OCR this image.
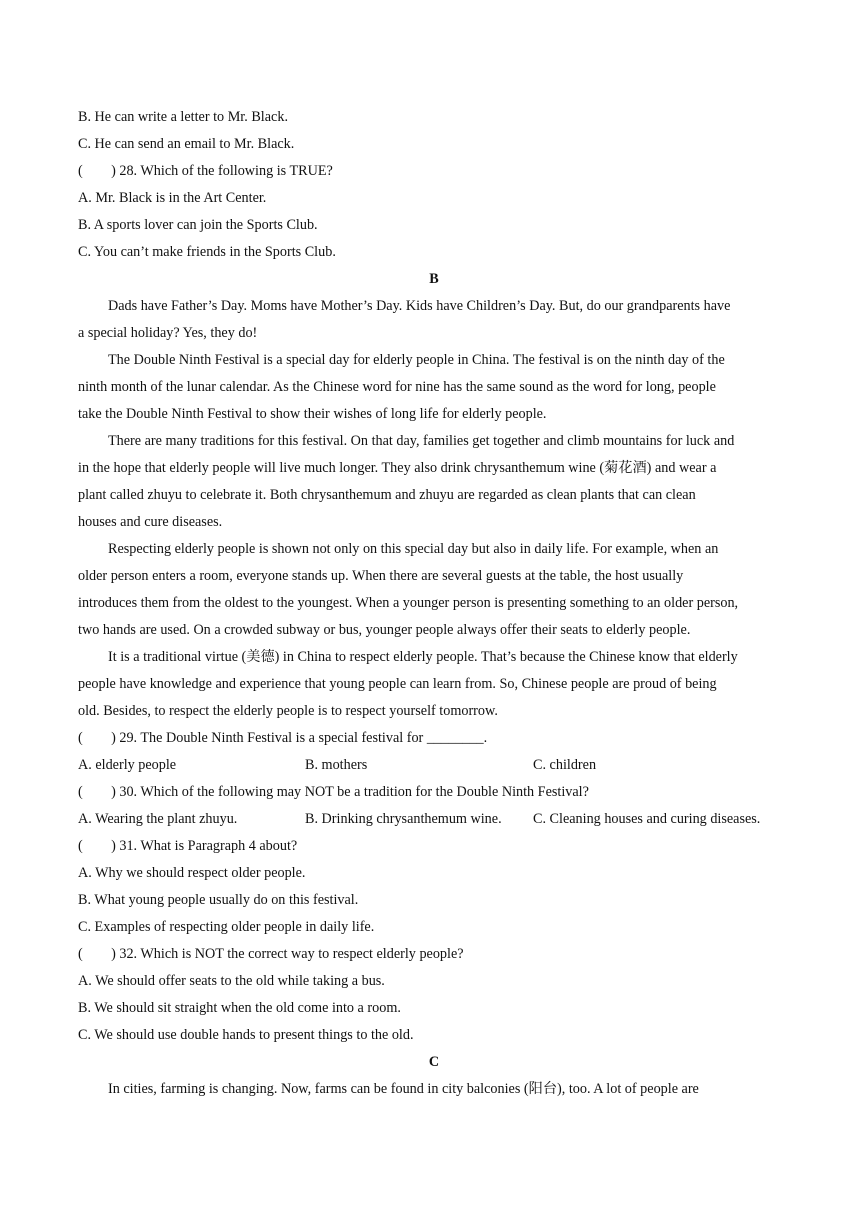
B. He can write a letter to Mr. Black.
C. He can send an email to Mr. Black.
(        ) 28. Which of the following is TRUE?
A. Mr. Black is in the Art Center.
B. A sports lover can join the Sports Club.
C. You can’t make friends in the Sports Club.
B
Dads have Father’s Day. Moms have Mother’s Day. Kids have Children’s Day. But, do our grandparents have
a special holiday? Yes, they do!
The Double Ninth Festival is a special day for elderly people in China. The festival is on the ninth day of the
ninth month of the lunar calendar. As the Chinese word for nine has the same sound as the word for long, people
take the Double Ninth Festival to show their wishes of long life for elderly people.
There are many traditions for this festival. On that day, families get together and climb mountains for luck and
in the hope that elderly people will live much longer. They also drink chrysanthemum wine (菊花酒) and wear a
plant called zhuyu to celebrate it. Both chrysanthemum and zhuyu are regarded as clean plants that can clean
houses and cure diseases.
Respecting elderly people is shown not only on this special day but also in daily life. For example, when an
older person enters a room, everyone stands up. When there are several guests at the table, the host usually
introduces them from the oldest to the youngest. When a younger person is presenting something to an older person,
two hands are used. On a crowded subway or bus, younger people always offer their seats to elderly people.
It is a traditional virtue (美德) in China to respect elderly people. That’s because the Chinese know that elderly
people have knowledge and experience that young people can learn from. So, Chinese people are proud of being
old. Besides, to respect the elderly people is to respect yourself tomorrow.
(        ) 29. The Double Ninth Festival is a special festival for ________.
A. elderly people	B. mothers	C. children
(        ) 30. Which of the following may NOT be a tradition for the Double Ninth Festival?
A. Wearing the plant zhuyu.	B. Drinking chrysanthemum wine. C. Cleaning houses and curing diseases.
(        ) 31. What is Paragraph 4 about?
A. Why we should respect older people.
B. What young people usually do on this festival.
C. Examples of respecting older people in daily life.
(        ) 32. Which is NOT the correct way to respect elderly people?
A. We should offer seats to the old while taking a bus.
B. We should sit straight when the old come into a room.
C. We should use double hands to present things to the old.
C
In cities, farming is changing. Now, farms can be found in city balconies (阳台), too. A lot of people are
